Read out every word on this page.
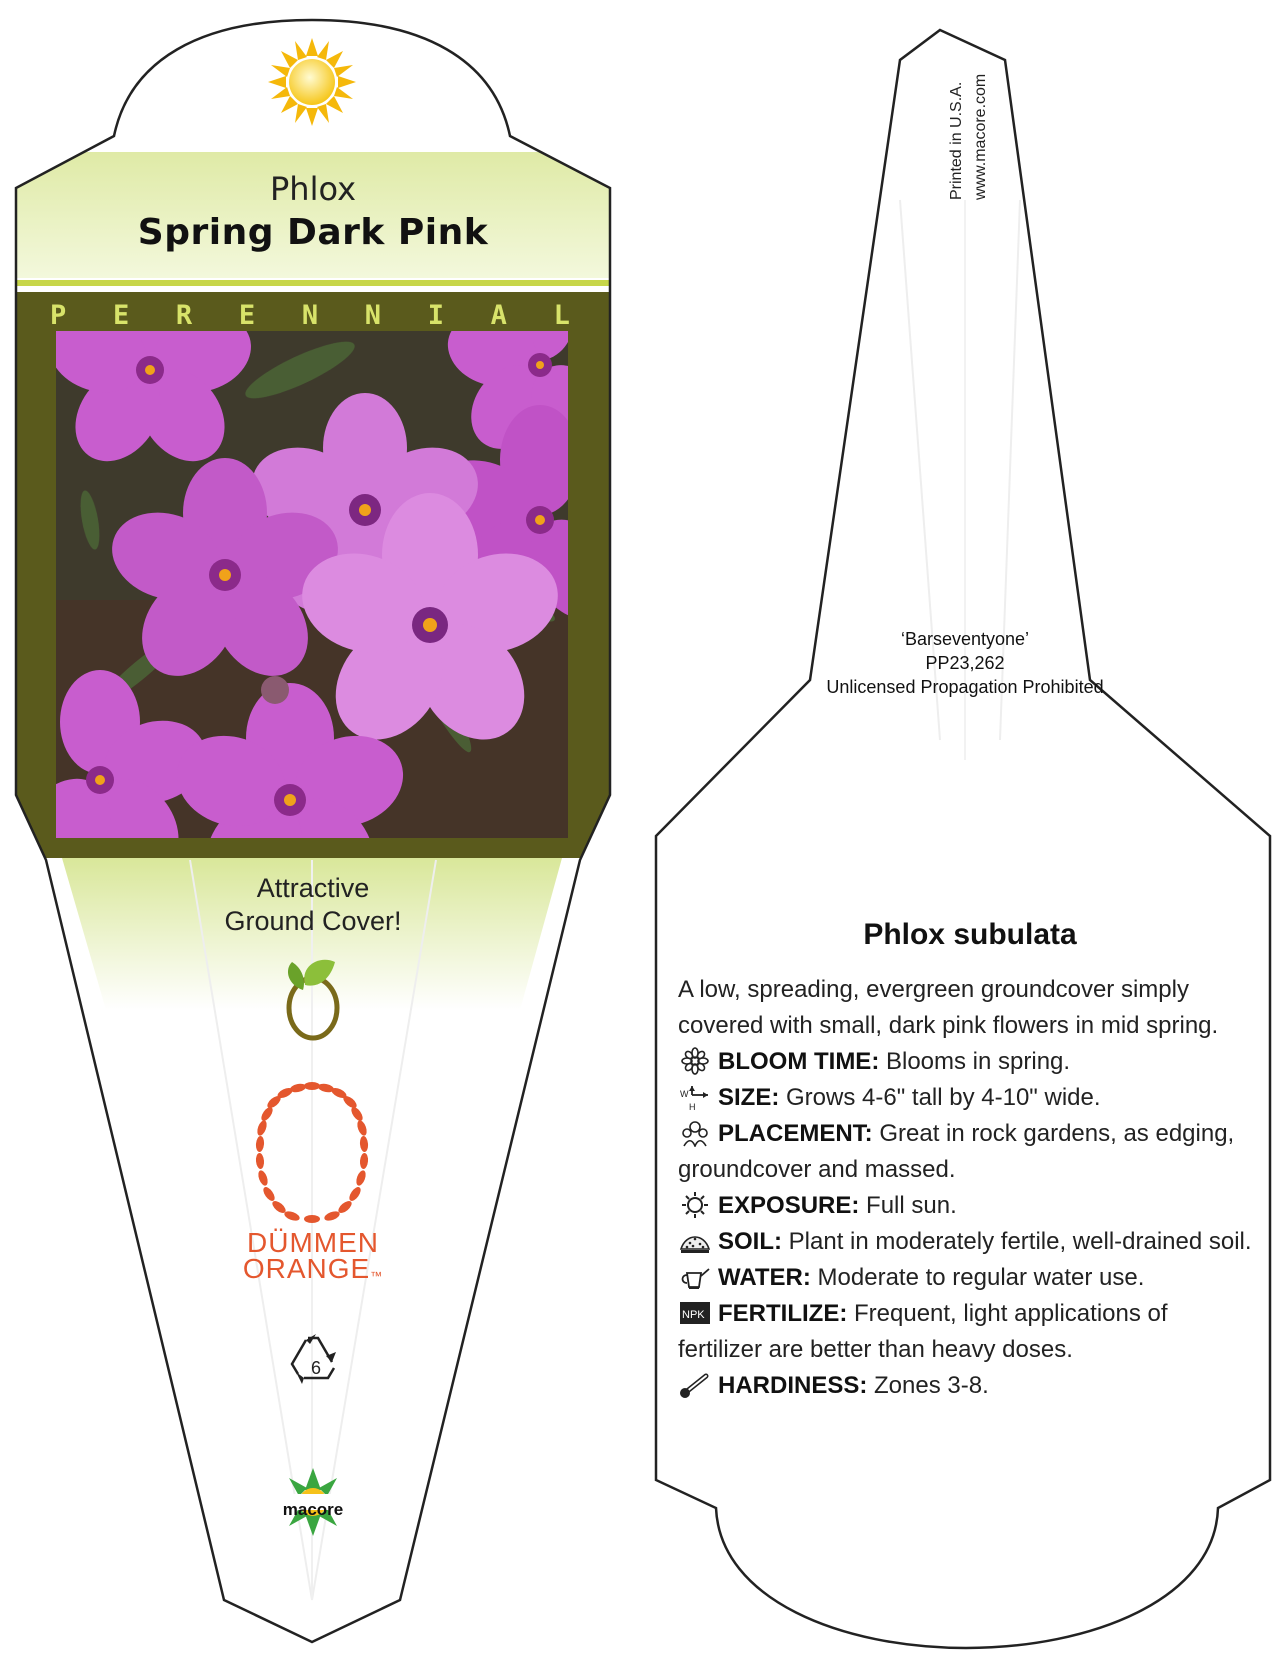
Phlox
Spring Dark Pink
P E R E N N I A L
Attractive
Ground Cover!
DÜMMEN
ORANGE™
6
macore
Printed in U.S.A. www.macore.com
‘Barseventyone’
PP23,262
Unlicensed Propagation Prohibited
Phlox subulata

A low, spreading, evergreen groundcover simply covered with small, dark pink flowers in mid spring.

BLOOM TIME: Blooms in spring.
W
H SIZE: Grows 4-6" tall by 4-10" wide.
PLACEMENT: Great in rock gardens, as edging, groundcover and massed.
EXPOSURE: Full sun.
SOIL: Plant in moderately fertile, well-drained soil.
WATER: Moderate to regular water use.
NPK FERTILIZE: Frequent, light applications of fertilizer are better than heavy doses.
HARDINESS: Zones 3-8.
